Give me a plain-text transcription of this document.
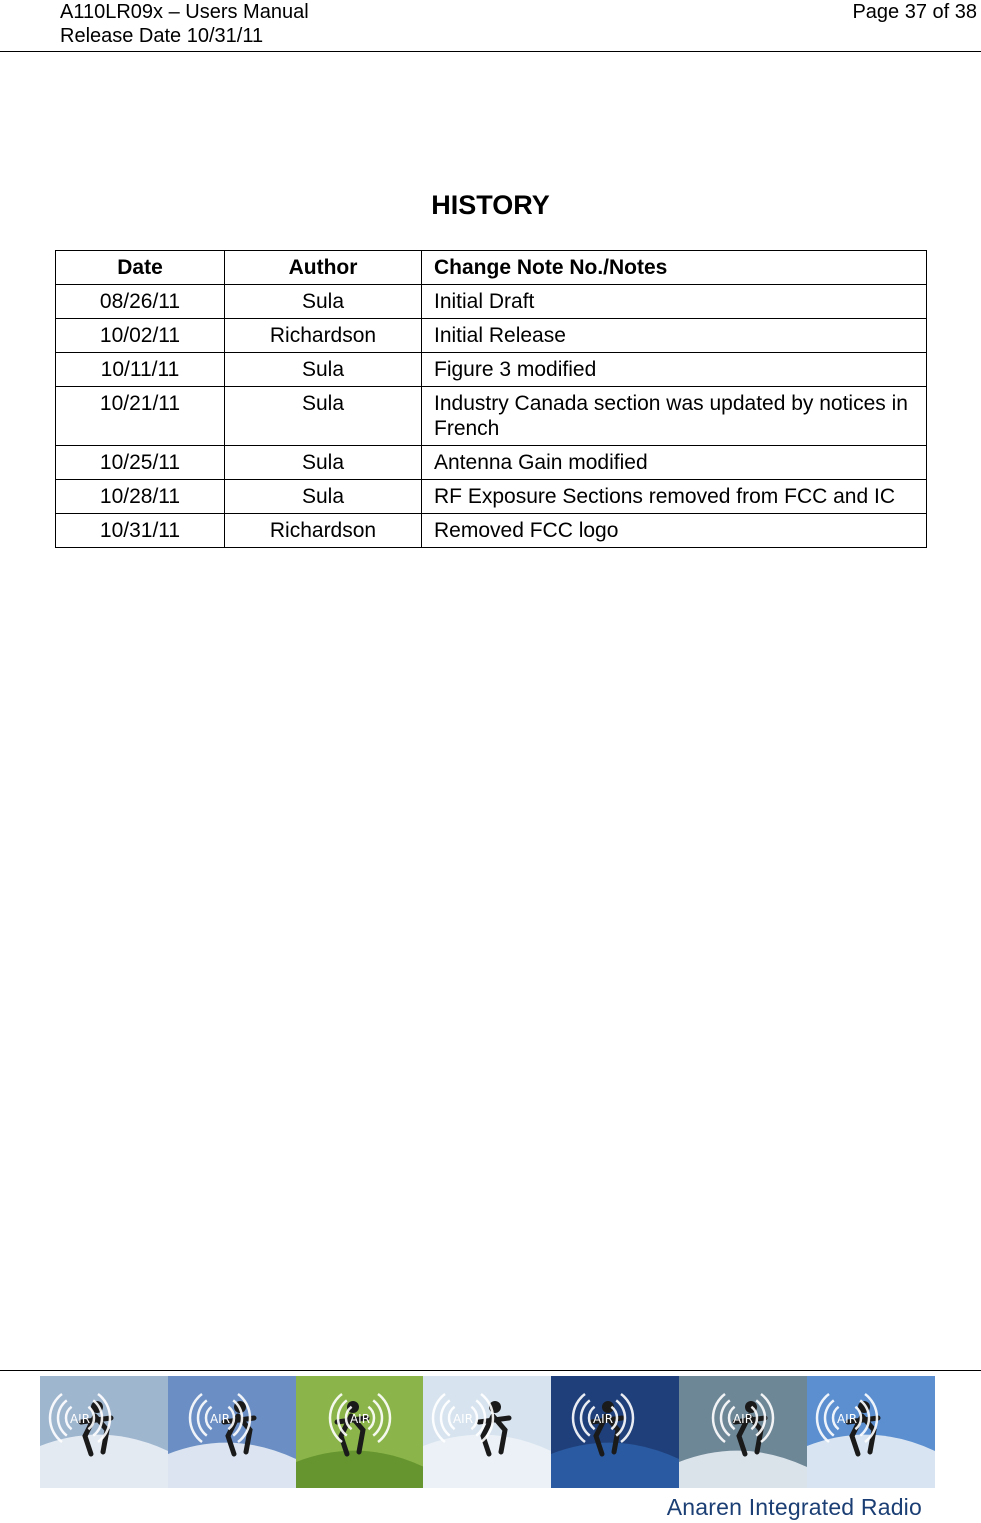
A110LR09x – Users Manual
Release Date 10/31/11
Page 37 of 38
HISTORY
Date	Author	Change Note No./Notes
08/26/11	Sula	Initial Draft
10/02/11	Richardson	Initial Release
10/11/11	Sula	Figure 3 modified
10/21/11	Sula	Industry Canada section was updated by notices in French
10/25/11	Sula	Antenna Gain modified
10/28/11	Sula	RF Exposure Sections removed from FCC and IC
10/31/11	Richardson	Removed FCC logo
AIR	AIR	AIR	AIR	AIR	AIR	AIR
Anaren Integrated Radio
